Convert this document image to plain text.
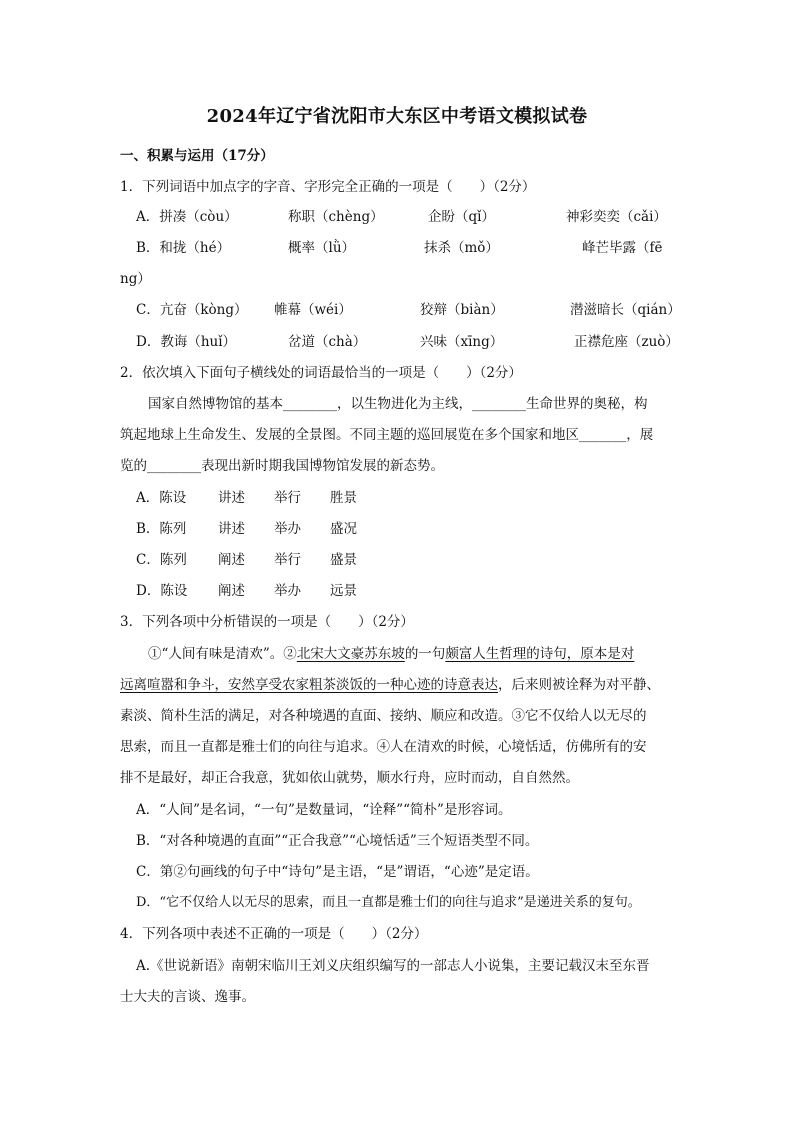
2024年辽宁省沈阳市大东区中考语文模拟试卷
一、积累与运用（17分）
1．下列词语中加点字的字音、字形完全正确的一项是（　　）（2分）
A．拼凑（còu）	称职（chèng）	企盼（qǐ）	神彩奕奕（cǎi）
B．和拢（hé）	概率（lǜ）	抹杀（mǒ）	峰芒毕露（fē
ng）
C．亢奋（kòng） 帷幕（wéi）	狡辩（biàn）	潜滋暗长（qián）
D．教诲（huǐ）	岔道（chà）	兴味（xīng）	正襟危座（zuò）
2．依次填入下面句子横线处的词语最恰当的一项是（　　）（2分）
国家自然博物馆的基本________，以生物进化为主线，________生命世界的奥秘，构
筑起地球上生命发生、发展的全景图。不同主题的巡回展览在多个国家和地区_______，展
览的________表现出新时期我国博物馆发展的新态势。
A．陈设 讲述 举行 胜景
B．陈列 讲述 举办 盛况
C．陈列 阐述 举行 盛景
D．陈设 阐述 举办 远景
3．下列各项中分析错误的一项是（　　）（2分）
①“人间有味是清欢”。②北宋大文豪苏东坡的一句颇富人生哲理的诗句，原本是对
远离喧嚣和争斗，安然享受农家粗茶淡饭的一种心迹的诗意表达，后来则被诠释为对平静、
素淡、简朴生活的满足，对各种境遇的直面、接纳、顺应和改造。③它不仅给人以无尽的
思索，而且一直都是雅士们的向往与追求。④人在清欢的时候，心境恬适，仿佛所有的安
排不是最好，却正合我意，犹如依山就势，顺水行舟，应时而动，自自然然。
A．“人间”是名词，“一句”是数量词，“诠释”“简朴”是形容词。
B．“对各种境遇的直面”“正合我意”“心境恬适”三个短语类型不同。
C．第②句画线的句子中“诗句”是主语，“是”谓语，“心迹”是定语。
D．“它不仅给人以无尽的思索，而且一直都是雅士们的向往与追求”是递进关系的复句。
4．下列各项中表述不正确的一项是（　　）（2分）
A.《世说新语》南朝宋临川王刘义庆组织编写的一部志人小说集，主要记载汉末至东晋
士大夫的言谈、逸事。
